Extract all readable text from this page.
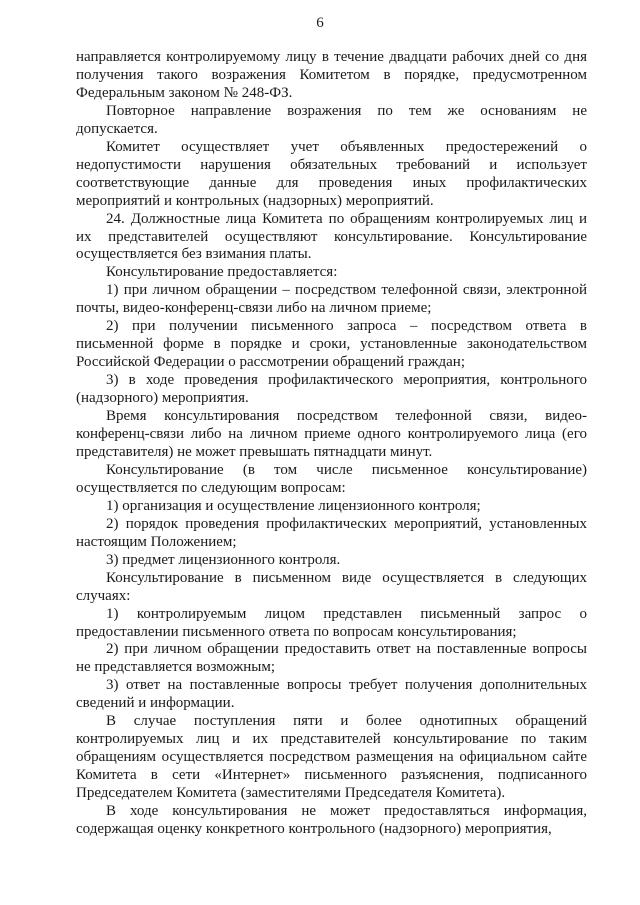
6

направляется контролируемому лицу в течение двадцати рабочих дней со дня получения такого возражения Комитетом в порядке, предусмотренном Федеральным законом № 248-ФЗ.

Повторное направление возражения по тем же основаниям не допускается.

Комитет осуществляет учет объявленных предостережений о недопустимости нарушения обязательных требований и использует соответствующие данные для проведения иных профилактических мероприятий и контрольных (надзорных) мероприятий.

24. Должностные лица Комитета по обращениям контролируемых лиц и их представителей осуществляют консультирование. Консультирование осуществляется без взимания платы.

Консультирование предоставляется:

1) при личном обращении – посредством телефонной связи, электронной почты, видео-конференц-связи либо на личном приеме;

2) при получении письменного запроса – посредством ответа в письменной форме в порядке и сроки, установленные законодательством Российской Федерации о рассмотрении обращений граждан;

3) в ходе проведения профилактического мероприятия, контрольного (надзорного) мероприятия.

Время консультирования посредством телефонной связи, видео-конференц-связи либо на личном приеме одного контролируемого лица (его представителя) не может превышать пятнадцати минут.

Консультирование (в том числе письменное консультирование) осуществляется по следующим вопросам:

1) организация и осуществление лицензионного контроля;

2) порядок проведения профилактических мероприятий, установленных настоящим Положением;

3) предмет лицензионного контроля.

Консультирование в письменном виде осуществляется в следующих случаях:

1) контролируемым лицом представлен письменный запрос о предоставлении письменного ответа по вопросам консультирования;

2) при личном обращении предоставить ответ на поставленные вопросы не представляется возможным;

3) ответ на поставленные вопросы требует получения дополнительных сведений и информации.

В случае поступления пяти и более однотипных обращений контролируемых лиц и их представителей консультирование по таким обращениям осуществляется посредством размещения на официальном сайте Комитета в сети «Интернет» письменного разъяснения, подписанного Председателем Комитета (заместителями Председателя Комитета).

В ходе консультирования не может предоставляться информация, содержащая оценку конкретного контрольного (надзорного) мероприятия,
